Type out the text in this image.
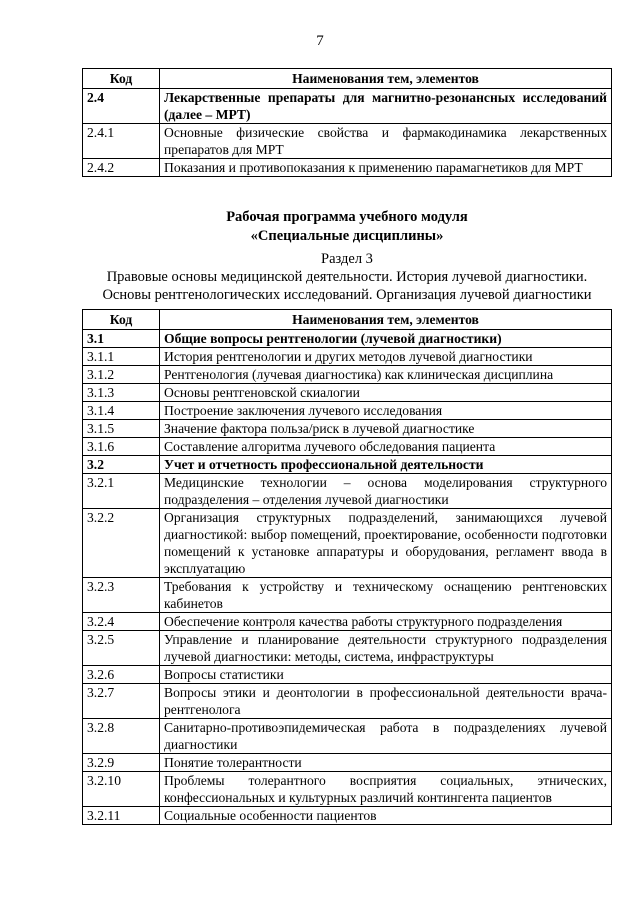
7
Код	Наименования тем, элементов
2.4	Лекарственные препараты для магнитно-резонансных исследований (далее – МРТ)
2.4.1	Основные физические свойства и фармакодинамика лекарственных препаратов для МРТ
2.4.2	Показания и противопоказания к применению парамагнетиков для МРТ
Рабочая программа учебного модуля
«Специальные дисциплины»
Раздел 3
Правовые основы медицинской деятельности. История лучевой диагностики. Основы рентгенологических исследований. Организация лучевой диагностики
Код	Наименования тем, элементов
3.1	Общие вопросы рентгенологии (лучевой диагностики)
3.1.1	История рентгенологии и других методов лучевой диагностики
3.1.2	Рентгенология (лучевая диагностика) как клиническая дисциплина
3.1.3	Основы рентгеновской скиалогии
3.1.4	Построение заключения лучевого исследования
3.1.5	Значение фактора польза/риск в лучевой диагностике
3.1.6	Составление алгоритма лучевого обследования пациента
3.2	Учет и отчетность профессиональной деятельности
3.2.1	Медицинские технологии – основа моделирования структурного подразделения – отделения лучевой диагностики
3.2.2	Организация структурных подразделений, занимающихся лучевой диагностикой: выбор помещений, проектирование, особенности подготовки помещений к установке аппаратуры и оборудования, регламент ввода в эксплуатацию
3.2.3	Требования к устройству и техническому оснащению рентгеновских кабинетов
3.2.4	Обеспечение контроля качества работы структурного подразделения
3.2.5	Управление и планирование деятельности структурного подразделения лучевой диагностики: методы, система, инфраструктуры
3.2.6	Вопросы статистики
3.2.7	Вопросы этики и деонтологии в профессиональной деятельности врача-рентгенолога
3.2.8	Санитарно-противоэпидемическая работа в подразделениях лучевой диагностики
3.2.9	Понятие толерантности
3.2.10	Проблемы толерантного восприятия социальных, этнических, конфессиональных и культурных различий контингента пациентов
3.2.11	Социальные особенности пациентов
